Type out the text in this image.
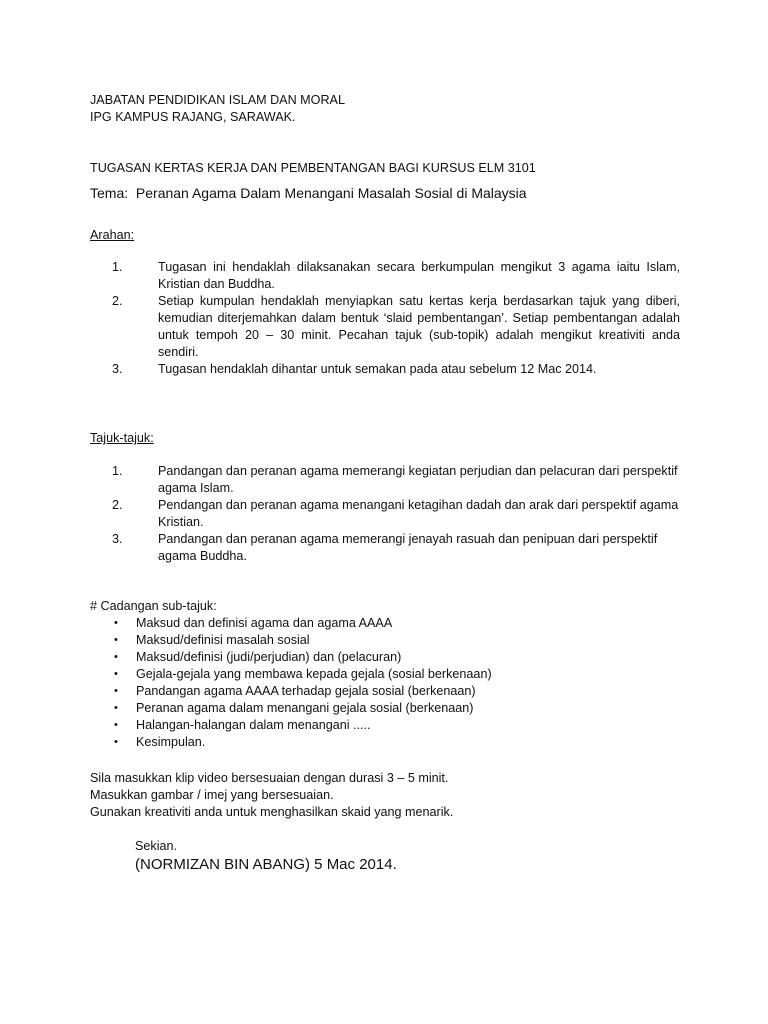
JABATAN PENDIDIKAN ISLAM DAN MORAL
IPG KAMPUS RAJANG, SARAWAK.
TUGASAN KERTAS KERJA DAN PEMBENTANGAN BAGI KURSUS ELM 3101
Tema: Peranan Agama Dalam Menangani Masalah Sosial di Malaysia
Arahan:
1.	Tugasan ini hendaklah dilaksanakan secara berkumpulan mengikut 3 agama iaitu Islam, Kristian dan Buddha.
2.	Setiap kumpulan hendaklah menyiapkan satu kertas kerja berdasarkan tajuk yang diberi, kemudian diterjemahkan dalam bentuk ‘slaid pembentangan’. Setiap pembentangan adalah untuk tempoh 20 – 30 minit. Pecahan tajuk (sub-topik) adalah mengikut kreativiti anda sendiri.
3.	Tugasan hendaklah dihantar untuk semakan pada atau sebelum 12 Mac 2014.
Tajuk-tajuk:
1.	Pandangan dan peranan agama memerangi kegiatan perjudian dan pelacuran dari perspektif agama Islam.
2.	Pendangan dan peranan agama menangani ketagihan dadah dan arak dari perspektif agama Kristian.
3.	Pandangan dan peranan agama memerangi jenayah rasuah dan penipuan dari perspektif agama Buddha.
# Cadangan sub-tajuk:
•	Maksud dan definisi agama dan agama AAAA
•	Maksud/definisi masalah sosial
•	Maksud/definisi (judi/perjudian) dan (pelacuran)
•	Gejala-gejala yang membawa kepada gejala (sosial berkenaan)
•	Pandangan agama AAAA terhadap gejala sosial (berkenaan)
•	Peranan agama dalam menangani gejala sosial (berkenaan)
•	Halangan-halangan dalam menangani .....
•	Kesimpulan.
Sila masukkan klip video bersesuaian dengan durasi 3 – 5 minit.
Masukkan gambar / imej yang bersesuaian.
Gunakan kreativiti anda untuk menghasilkan skaid yang menarik.
Sekian.
(NORMIZAN BIN ABANG) 5 Mac 2014.
